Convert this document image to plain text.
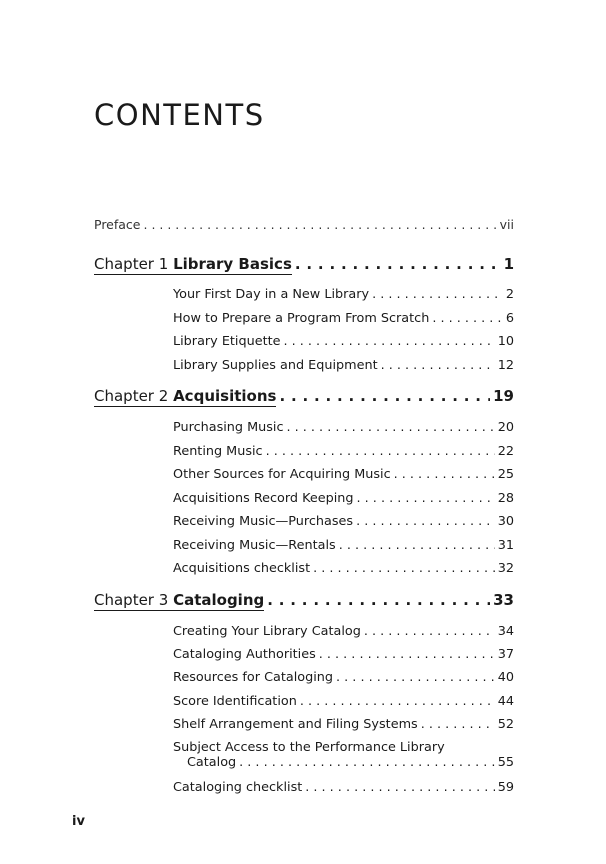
CONTENTS
Preface . . .	vii
Chapter 1 Library Basics . . .	1
Your First Day in a New Library . . .	2
How to Prepare a Program From Scratch . . .	6
Library Etiquette . . .	10
Library Supplies and Equipment . . .	12
Chapter 2 Acquisitions . . .	19
Purchasing Music . . .	20
Renting Music . . .	22
Other Sources for Acquiring Music . . .	25
Acquisitions Record Keeping . . .	28
Receiving Music—Purchases . . .	30
Receiving Music—Rentals . . .	31
Acquisitions checklist . . .	32
Chapter 3 Cataloging . . .	33
Creating Your Library Catalog . . .	34
Cataloging Authorities . . .	37
Resources for Cataloging . . .	40
Score Identification . . .	44
Shelf Arrangement and Filing Systems . . .	52
Subject Access to the Performance Library
Catalog . . .	55
Cataloging checklist . . .	59
iv
